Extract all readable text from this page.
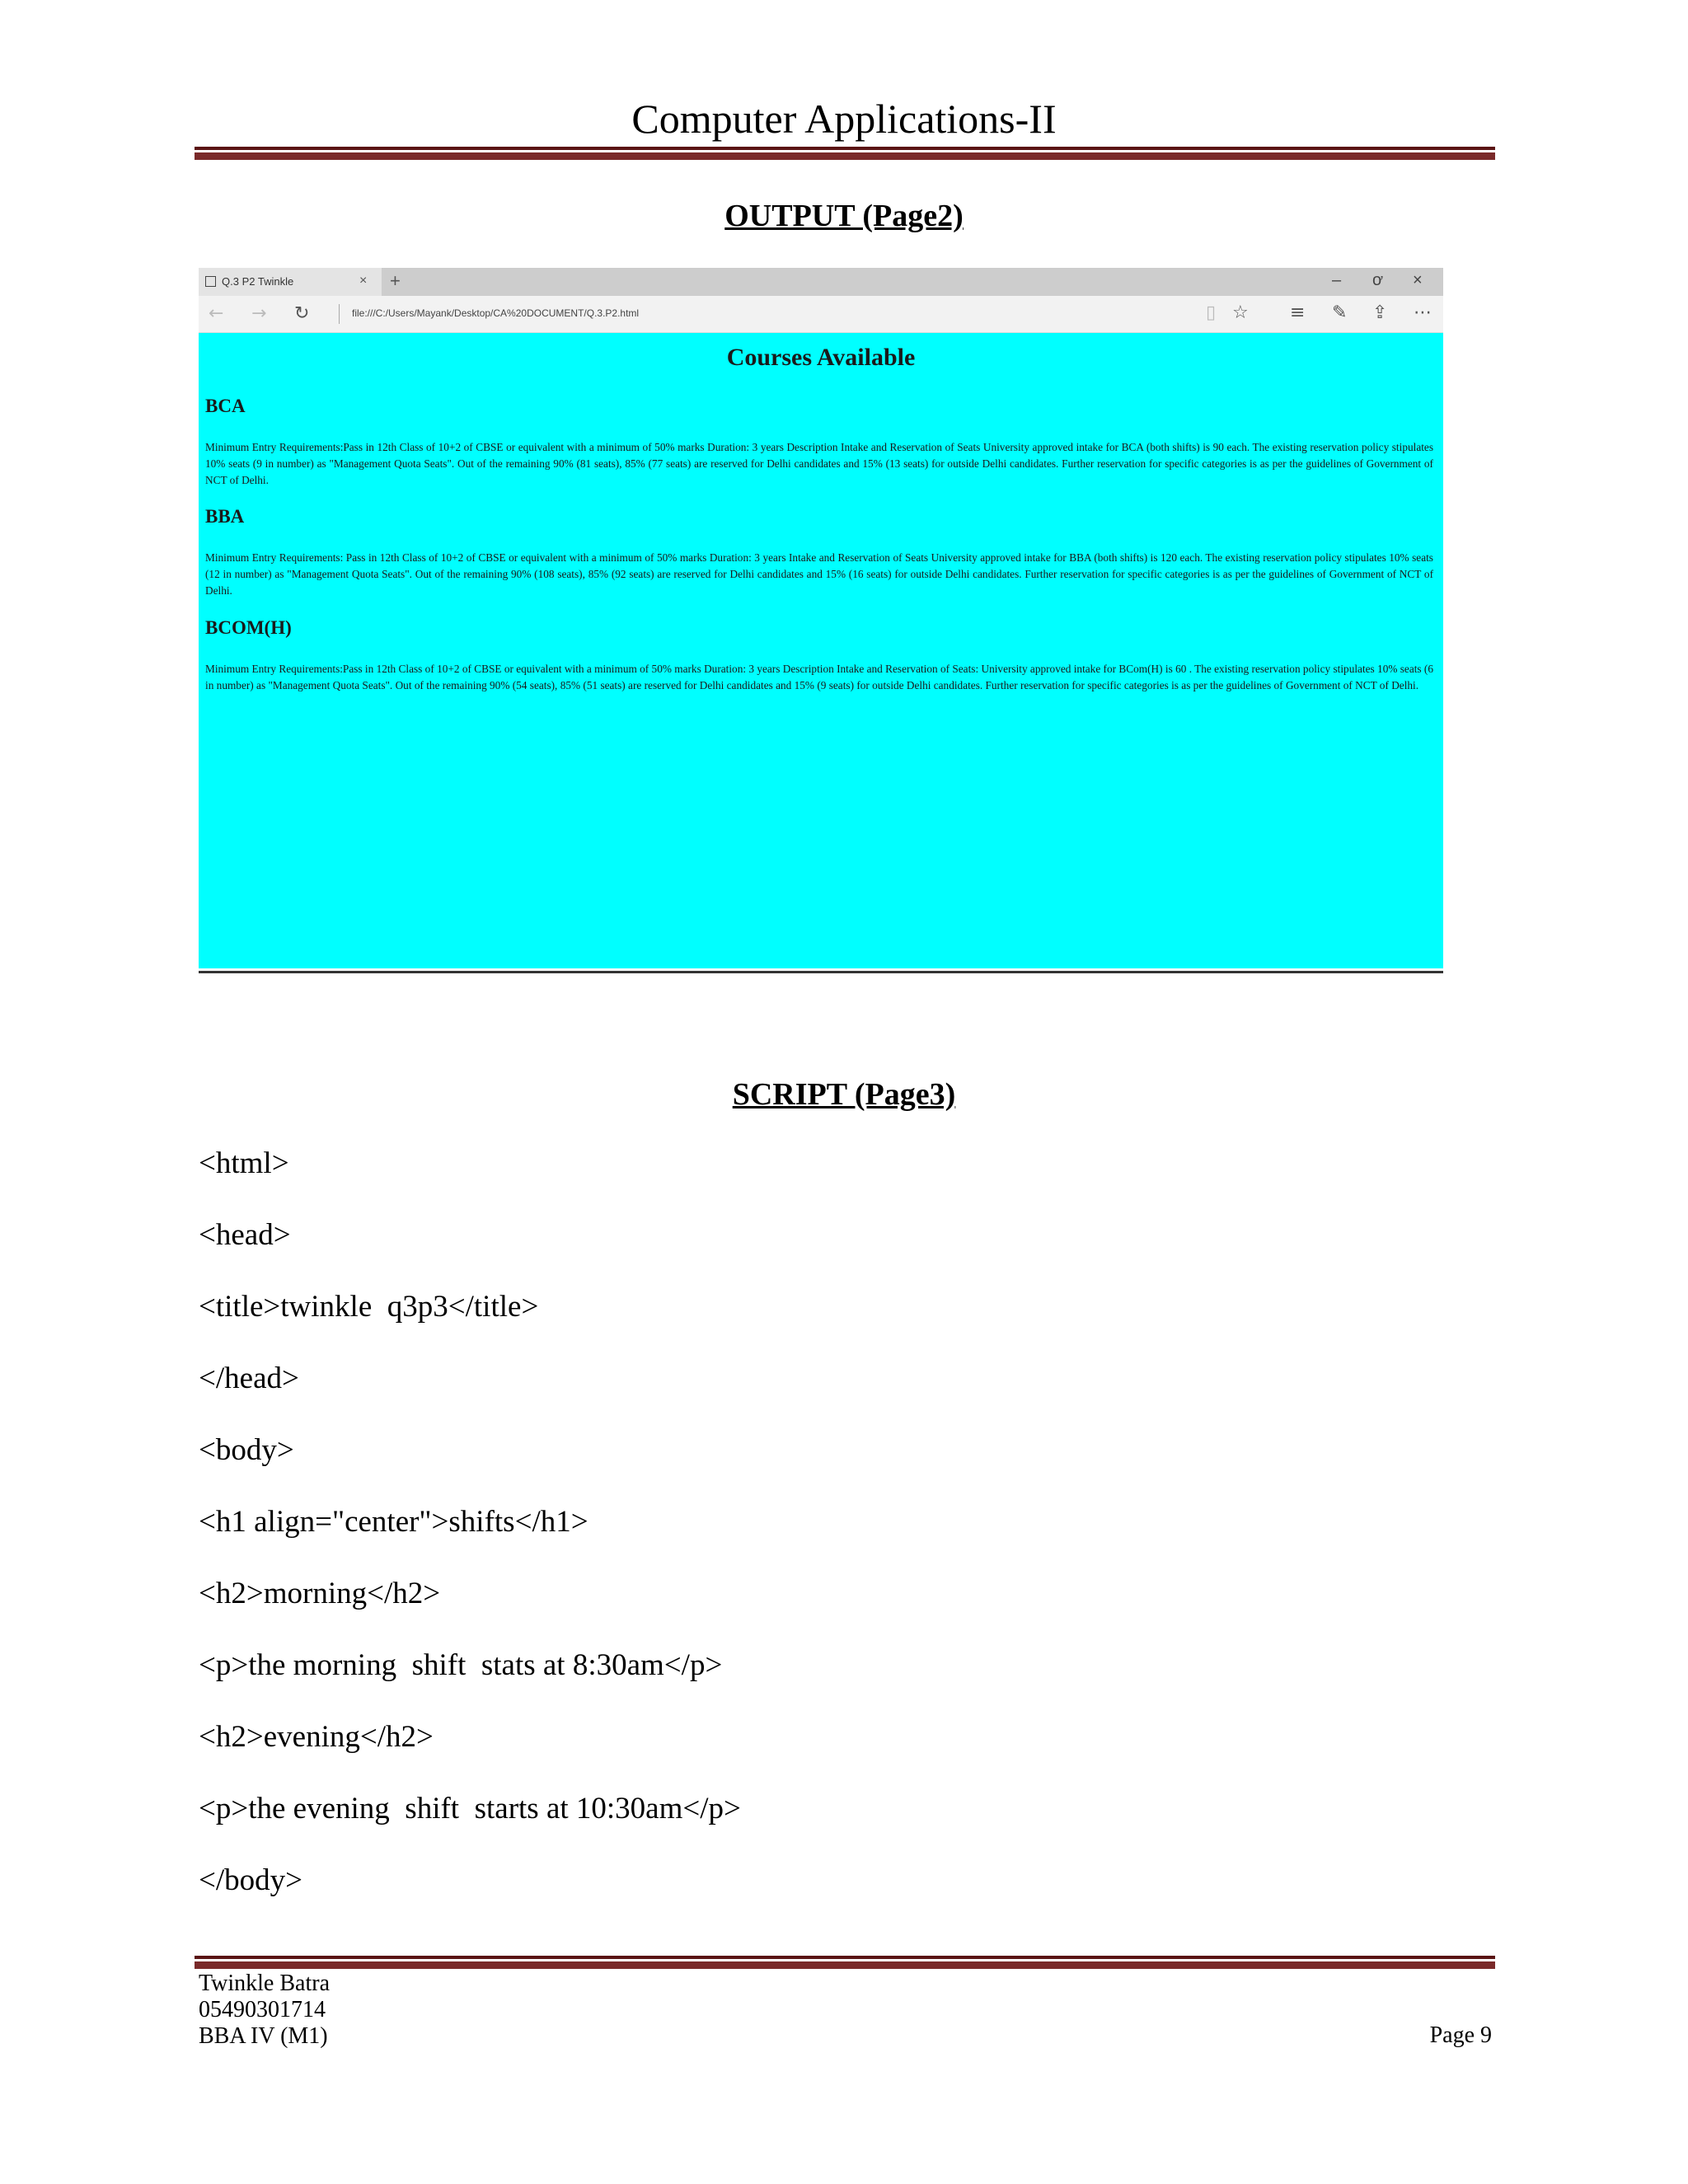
Computer Applications-II
OUTPUT (Page2)
Q.3 P2 Twinkle	× +	– ơ ×
← → ↻	file:///C:/Users/Mayank/Desktop/CA%20DOCUMENT/Q.3.P2.html	▯ ☆ ≡ ✎ ⇪ ⋯
Courses Available
BCA
Minimum Entry Requirements:Pass in 12th Class of 10+2 of CBSE or equivalent with a minimum of 50% marks Duration: 3 years Description Intake and Reservation of Seats University approved intake for BCA (both shifts) is 90 each. The existing reservation policy stipulates 10% seats (9 in number) as "Management Quota Seats". Out of the remaining 90% (81 seats), 85% (77 seats) are reserved for Delhi candidates and 15% (13 seats) for outside Delhi candidates. Further reservation for specific categories is as per the guidelines of Government of NCT of Delhi.
BBA
Minimum Entry Requirements: Pass in 12th Class of 10+2 of CBSE or equivalent with a minimum of 50% marks Duration: 3 years Intake and Reservation of Seats University approved intake for BBA (both shifts) is 120 each. The existing reservation policy stipulates 10% seats (12 in number) as "Management Quota Seats". Out of the remaining 90% (108 seats), 85% (92 seats) are reserved for Delhi candidates and 15% (16 seats) for outside Delhi candidates. Further reservation for specific categories is as per the guidelines of Government of NCT of Delhi.
BCOM(H)
Minimum Entry Requirements:Pass in 12th Class of 10+2 of CBSE or equivalent with a minimum of 50% marks Duration: 3 years Description Intake and Reservation of Seats: University approved intake for BCom(H) is 60 . The existing reservation policy stipulates 10% seats (6 in number) as "Management Quota Seats". Out of the remaining 90% (54 seats), 85% (51 seats) are reserved for Delhi candidates and 15% (9 seats) for outside Delhi candidates. Further reservation for specific categories is as per the guidelines of Government of NCT of Delhi.
SCRIPT (Page3)
<html>
<head>
<title>twinkle  q3p3</title>
</head>
<body>
<h1 align="center">shifts</h1>
<h2>morning</h2>
<p>the morning  shift  stats at 8:30am</p>
<h2>evening</h2>
<p>the evening  shift  starts at 10:30am</p>
</body>
Twinkle Batra
05490301714
BBA IV (M1)	Page 9
